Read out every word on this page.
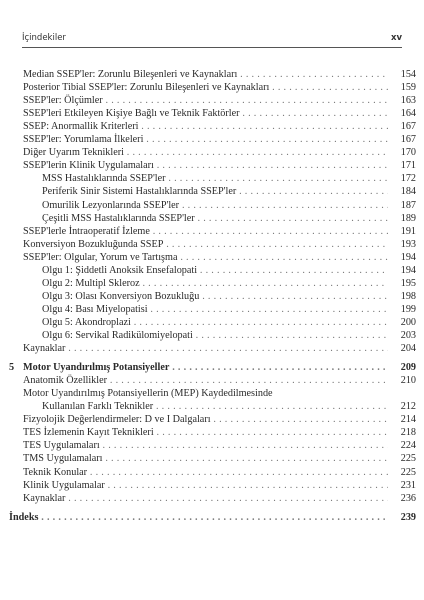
İçindekiler	xv
Median SSEP'ler: Zorunlu Bileşenleri ve Kaynakları . . .	154
Posterior Tibial SSEP'ler: Zorunlu Bileşenleri ve Kaynakları . . .	159
SSEP'ler: Ölçümler . . .	163
SSEP'leri Etkileyen Kişiye Bağlı ve Teknik Faktörler . . .	164
SSEP: Anormallik Kriterleri . . .	167
SSEP'ler: Yorumlama İlkeleri . . .	167
Diğer Uyarım Teknikleri . . .	170
SSEP'lerin Klinik Uygulamaları . . .	171
MSS Hastalıklarında SSEP'ler . . .	172
Periferik Sinir Sistemi Hastalıklarında SSEP'ler . . .	184
Omurilik Lezyonlarında SSEP'ler . . .	187
Çeşitli MSS Hastalıklarında SSEP'ler . . .	189
SSEP'lerle İntraoperatif İzleme . . .	191
Konversiyon Bozukluğunda SSEP . . .	193
SSEP'ler: Olgular, Yorum ve Tartışma . . .	194
Olgu 1: Şiddetli Anoksik Ensefalopati . . .	194
Olgu 2: Multipl Skleroz . . .	195
Olgu 3: Olası Konversiyon Bozukluğu . . .	198
Olgu 4: Bası Miyelopatisi . . .	199
Olgu 5: Akondroplazi . . .	200
Olgu 6: Servikal Radikülomiyelopati . . .	203
Kaynaklar . . .	204
5 Motor Uyandırılmış Potansiyeller . . .	209
Anatomik Özellikler . . .	210
Motor Uyandırılmış Potansiyellerin (MEP) Kaydedilmesinde
Kullanılan Farklı Teknikler . . .	212
Fizyolojik Değerlendirmeler: D ve I Dalgaları . . .	214
TES İzlemenin Kayıt Teknikleri . . .	218
TES Uygulamaları . . .	224
TMS Uygulamaları . . .	225
Teknik Konular . . .	225
Klinik Uygulamalar . . .	231
Kaynaklar . . .	236
İndeks . . .	239
